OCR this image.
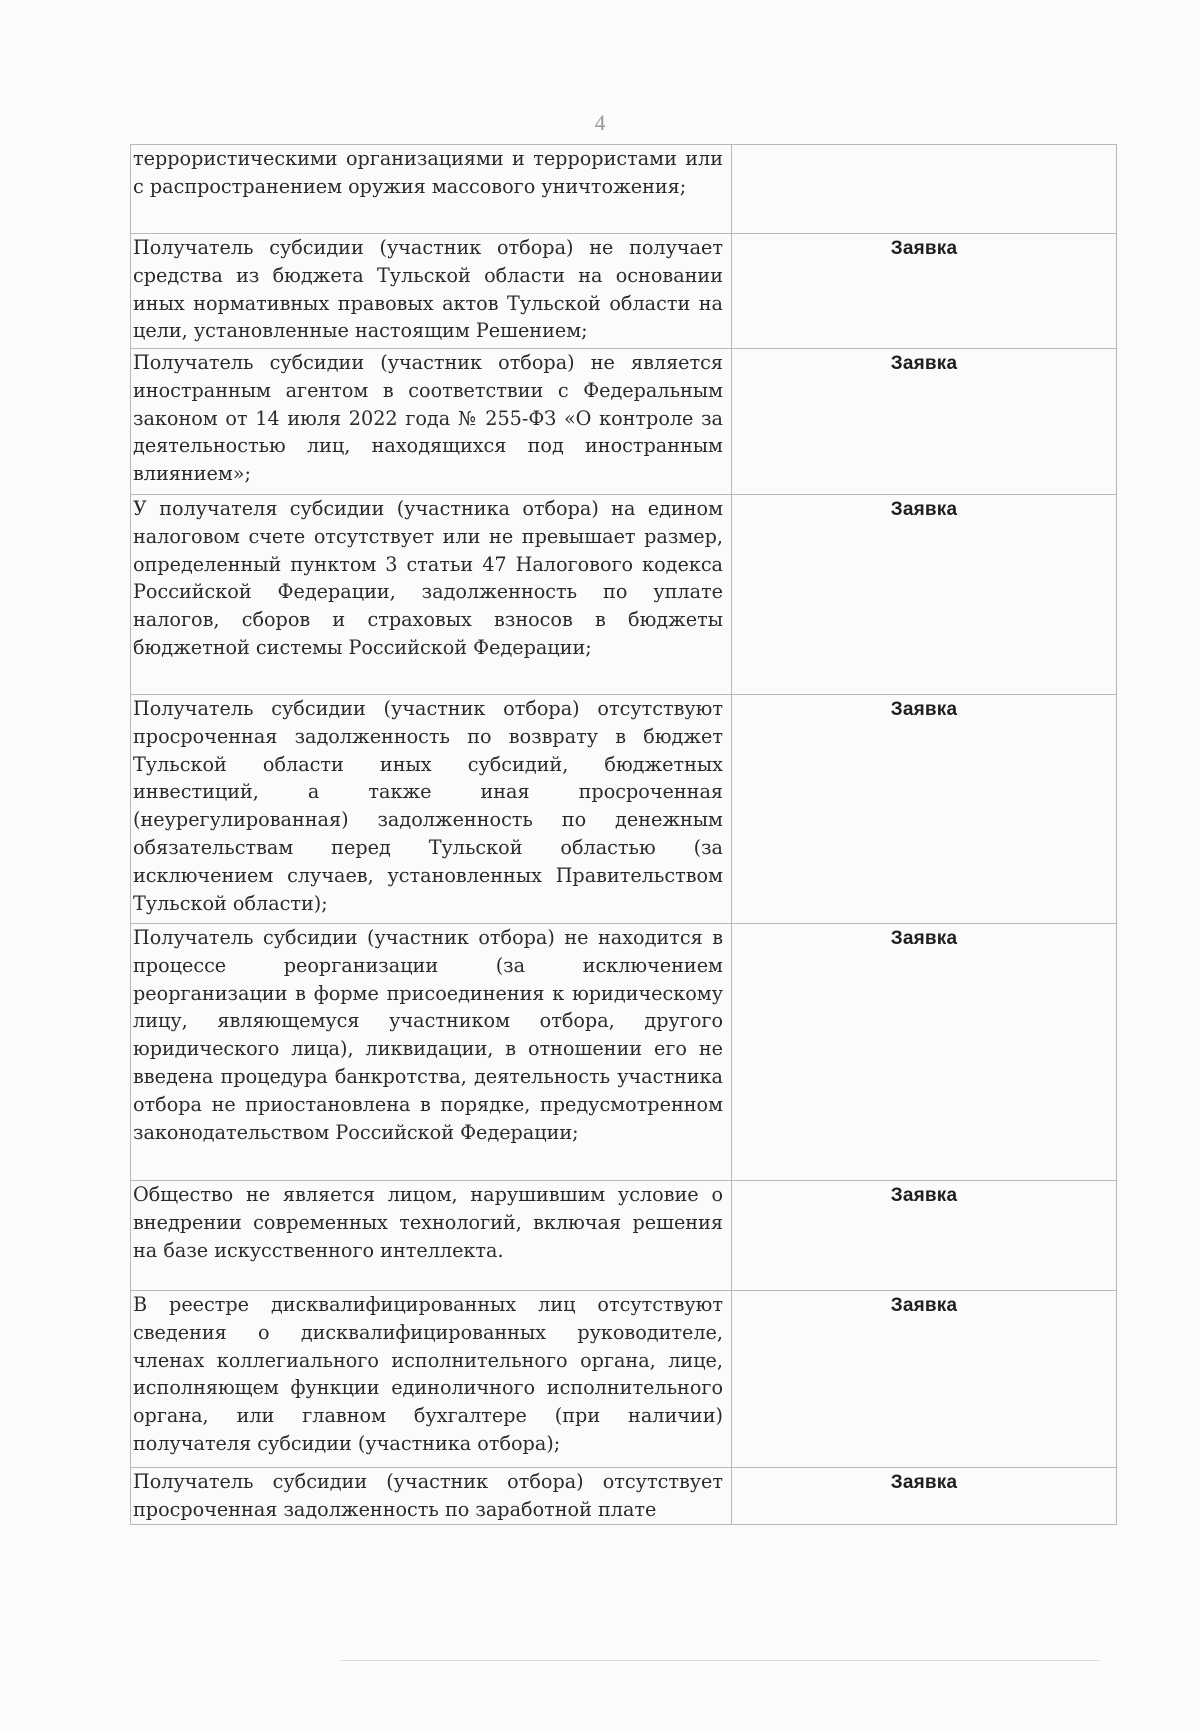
4
террористическими организациями и террористами или с распространением оружия массового уничтожения;	
Получатель субсидии (участник отбора) не получает средства из бюджета Тульской области на основании иных нормативных правовых актов Тульской области на цели, установленные настоящим Решением;	Заявка
Получатель субсидии (участник отбора) не является иностранным агентом в соответствии с Федеральным законом от 14 июля 2022 года № 255-ФЗ «О контроле за деятельностью лиц, находящихся под иностранным влиянием»;	Заявка
У получателя субсидии (участника отбора) на едином налоговом счете отсутствует или не превышает размер, определенный пунктом 3 статьи 47 Налогового кодекса Российской Федерации, задолженность по уплате налогов, сборов и страховых взносов в бюджеты бюджетной системы Российской Федерации;	Заявка
Получатель субсидии (участник отбора) отсутствуют просроченная задолженность по возврату в бюджет Тульской области иных субсидий, бюджетных инвестиций, а также иная просроченная (неурегулированная) задолженность по денежным обязательствам перед Тульской областью (за исключением случаев, установленных Правительством Тульской области);	Заявка
Получатель субсидии (участник отбора) не находится в процессе реорганизации (за исключением реорганизации в форме присоединения к юридическому лицу, являющемуся участником отбора, другого юридического лица), ликвидации, в отношении его не введена процедура банкротства, деятельность участника отбора не приостановлена в порядке, предусмотренном законодательством Российской Федерации;	Заявка
Общество не является лицом, нарушившим условие о внедрении современных технологий, включая решения на базе искусственного интеллекта.	Заявка
В реестре дисквалифицированных лиц отсутствуют сведения о дисквалифицированных руководителе, членах коллегиального исполнительного органа, лице, исполняющем функции единоличного исполнительного органа, или главном бухгалтере (при наличии) получателя субсидии (участника отбора);	Заявка
Получатель субсидии (участник отбора) отсутствует просроченная задолженность по заработной плате	Заявка
